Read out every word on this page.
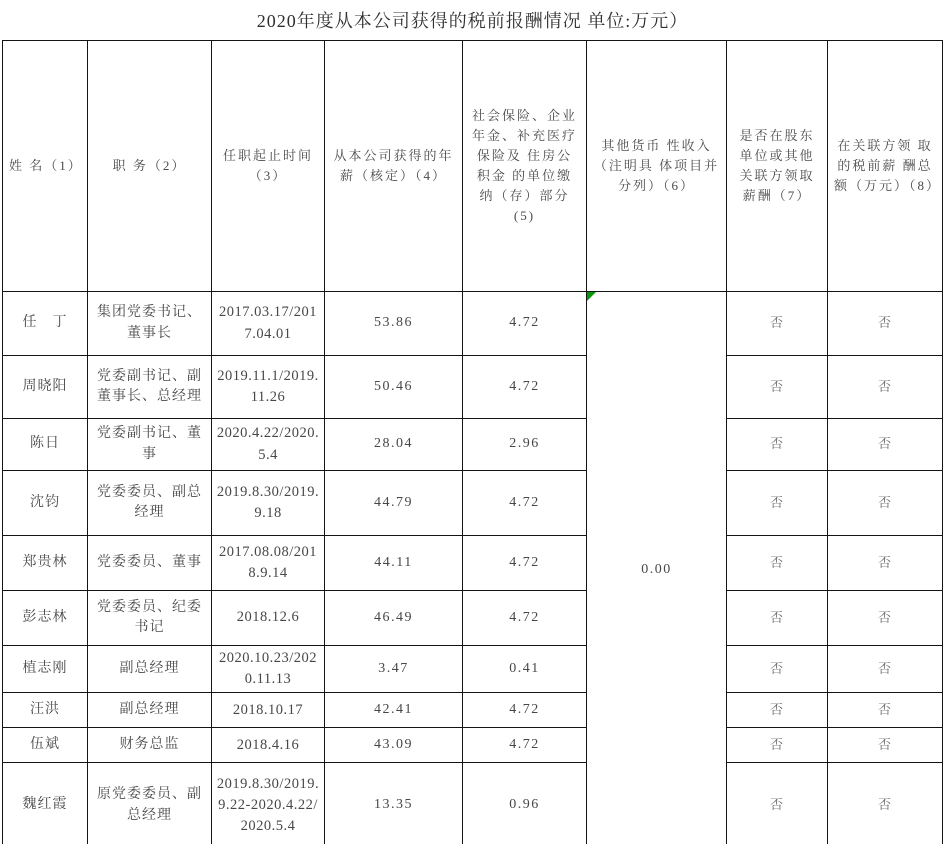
2020年度从本公司获得的税前报酬情况 单位:万元）
姓 名（1）	职 务（2）	任职起止时间（3）	从本公司获得的年薪（核定）（4）	社会保险、企业年金、补充医疗保险及 住房公积金 的单位缴纳（存）部分(5)	其他货币 性收入（注明具 体项目并分列）（6）	是否在股东单位或其他关联方领取薪酬（7）	在关联方领 取的税前薪 酬总额（万元）（8）
任　丁	集团党委书记、董事长	2017.03.17/2017.04.01	53.86	4.72	0.00	否	否
周晓阳	党委副书记、副董事长、总经理	2019.11.1/2019.11.26	50.46	4.72		否	否
陈日	党委副书记、董事	2020.4.22/2020.5.4	28.04	2.96		否	否
沈钧	党委委员、副总经理	2019.8.30/2019.9.18	44.79	4.72		否	否
郑贵林	党委委员、董事	2017.08.08/2018.9.14	44.11	4.72		否	否
彭志林	党委委员、纪委书记	2018.12.6	46.49	4.72		否	否
植志刚	副总经理	2020.10.23/2020.11.13	3.47	0.41		否	否
汪洪	副总经理	2018.10.17	42.41	4.72		否	否
伍斌	财务总监	2018.4.16	43.09	4.72		否	否
魏红霞	原党委委员、副总经理	2019.8.30/2019.9.22-2020.4.22/2020.5.4	13.35	0.96		否	否
